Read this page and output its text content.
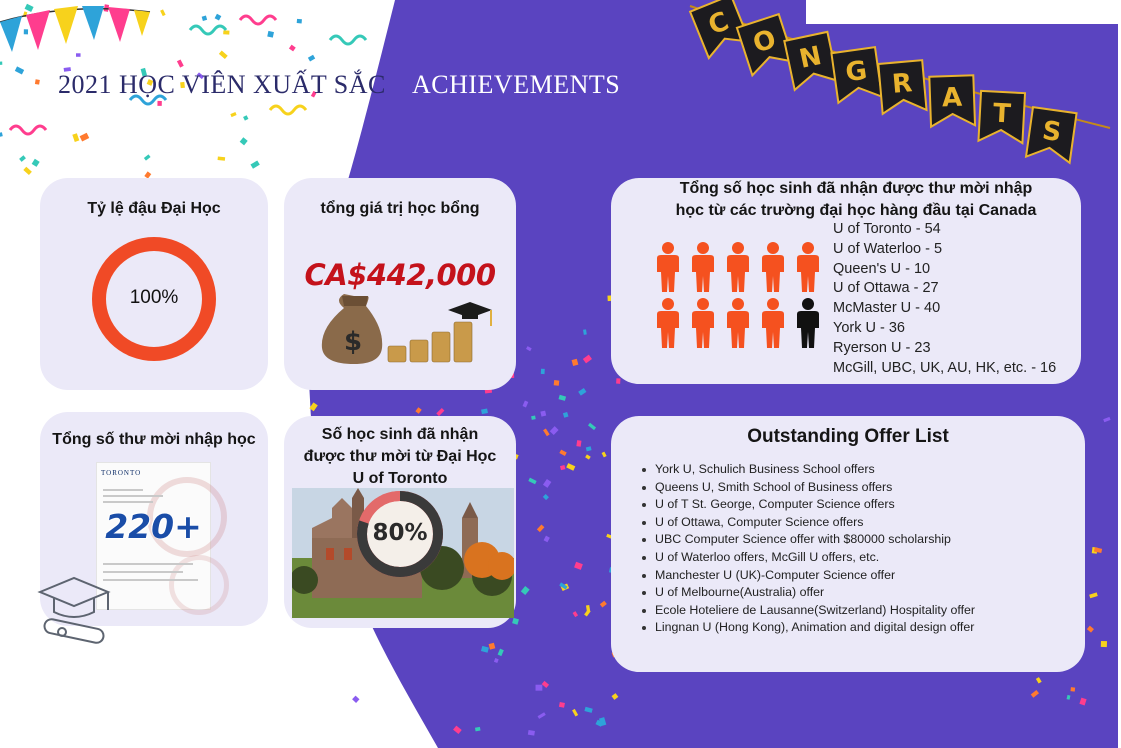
2021 HỌC VIÊN XUẤT SẮC ACHIEVEMENTS
C
O N G R A
T
S
Tỷ lệ đậu Đại Học
100%
tổng giá trị học bổng
CA$442,000
$
Tổng số thư mời nhập học
TORONTO
220+
Số học sinh đã nhận được thư mời từ Đại Học U of Toronto
80%
Tổng số học sinh đã nhận được thư mời nhập học từ các trường đại học hàng đầu tại Canada
U of Toronto - 54
U of Waterloo - 5
Queen's U - 10
U of Ottawa - 27
McMaster U - 40
York U - 36
Ryerson U - 23
McGill, UBC, UK, AU, HK, etc. - 16
Outstanding Offer List
York U, Schulich Business School offers
Queens U, Smith School of Business offers
U of T St. George, Computer Science offers
U of Ottawa, Computer Science offers
UBC Computer Science offer with $80000 scholarship
U of Waterloo offers, McGill U offers, etc.
Manchester U (UK)-Computer Science offer
U of Melbourne(Australia) offer
Ecole Hoteliere de Lausanne(Switzerland) Hospitality offer
Lingnan U (Hong Kong), Animation and digital design offer
